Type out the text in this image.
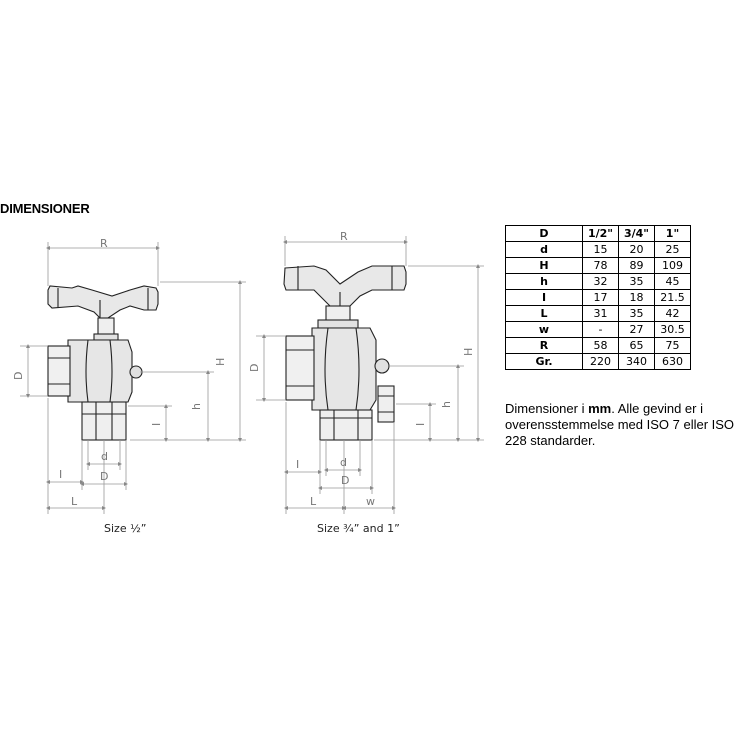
DIMENSIONER
R
H
h
I
D
d
D
I
L
R
H
h
I
D
d
D
I
L	w
Size ½”	Size ¾” and 1”
D	1/2"	3/4"	1"
d	15	20	25
H	78	89	109
h	32	35	45
I	17	18	21.5
L	31	35	42
w	-	27	30.5
R	58	65	75
Gr.	220	340	630
Dimensioner i mm. Alle gevind er i overensstemmelse med ISO 7 eller ISO 228 standarder.
